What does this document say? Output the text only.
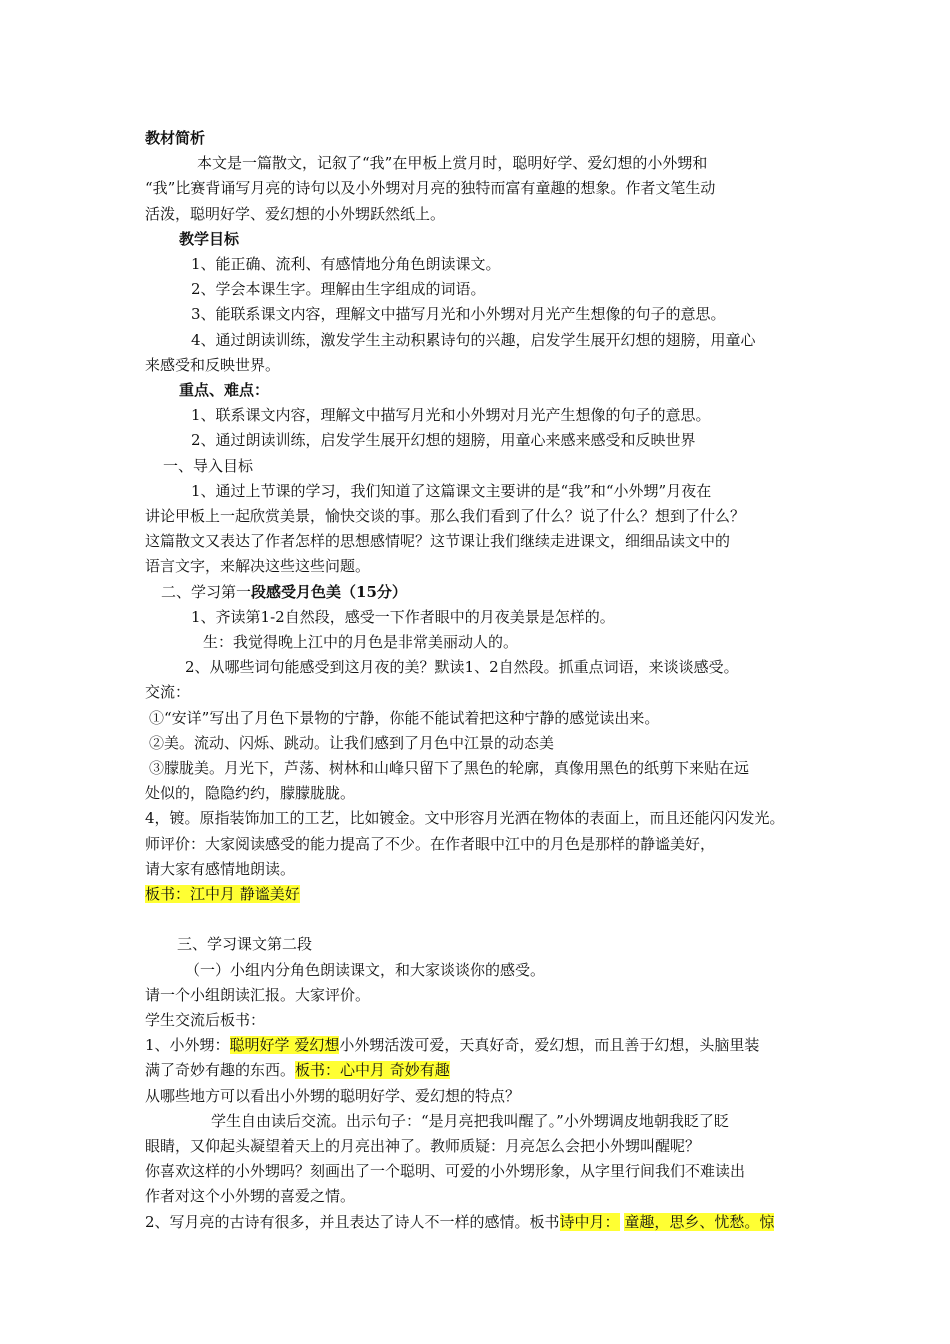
教材简析

本文是一篇散文，记叙了“我”在甲板上赏月时，聪明好学、爱幻想的小外甥和

“我”比赛背诵写月亮的诗句以及小外甥对月亮的独特而富有童趣的想象。作者文笔生动

活泼，聪明好学、爱幻想的小外甥跃然纸上。

教学目标

1、能正确、流利、有感情地分角色朗读课文。

2、学会本课生字。理解由生字组成的词语。

3、能联系课文内容，理解文中描写月光和小外甥对月光产生想像的句子的意思。

4、通过朗读训练，激发学生主动积累诗句的兴趣，启发学生展开幻想的翅膀，用童心

来感受和反映世界。

重点、难点：

1、联系课文内容，理解文中描写月光和小外甥对月光产生想像的句子的意思。

2、通过朗读训练，启发学生展开幻想的翅膀，用童心来感来感受和反映世界

一、导入目标

1、通过上节课的学习，我们知道了这篇课文主要讲的是“我”和“小外甥”月夜在

讲论甲板上一起欣赏美景，愉快交谈的事。那么我们看到了什么？说了什么？想到了什么？

这篇散文又表达了作者怎样的思想感情呢？这节课让我们继续走进课文，细细品读文中的

语言文字，来解决这些这些问题。

二、学习第一段感受月色美（15分）

1、齐读第1-2自然段，感受一下作者眼中的月夜美景是怎样的。

生：我觉得晚上江中的月色是非常美丽动人的。

2、从哪些词句能感受到这月夜的美？默读1、2自然段。抓重点词语，来谈谈感受。

交流：

①“安详”写出了月色下景物的宁静，你能不能试着把这种宁静的感觉读出来。

②美。流动、闪烁、跳动。让我们感到了月色中江景的动态美

③朦胧美。月光下，芦荡、树林和山峰只留下了黑色的轮廓，真像用黑色的纸剪下来贴在远

处似的，隐隐约约，朦朦胧胧。

4，镀。原指装饰加工的工艺，比如镀金。文中形容月光洒在物体的表面上，而且还能闪闪发光。

师评价：大家阅读感受的能力提高了不少。在作者眼中江中的月色是那样的静谧美好，

请大家有感情地朗读。

板书：江中月 静谧美好

三、学习课文第二段

（一）小组内分角色朗读课文，和大家谈谈你的感受。

请一个小组朗读汇报。大家评价。

学生交流后板书：

1、小外甥：聪明好学 爱幻想小外甥活泼可爱，天真好奇，爱幻想，而且善于幻想，头脑里装

满了奇妙有趣的东西。板书：心中月 奇妙有趣

从哪些地方可以看出小外甥的聪明好学、爱幻想的特点？

学生自由读后交流。出示句子：“是月亮把我叫醒了。”小外甥调皮地朝我眨了眨

眼睛，又仰起头凝望着天上的月亮出神了。教师质疑：月亮怎么会把小外甥叫醒呢？

你喜欢这样的小外甥吗？刻画出了一个聪明、可爱的小外甥形象，从字里行间我们不难读出

作者对这个小外甥的喜爱之情。

2、写月亮的古诗有很多，并且表达了诗人不一样的感情。板书诗中月： 童趣，思乡、忧愁。惊
